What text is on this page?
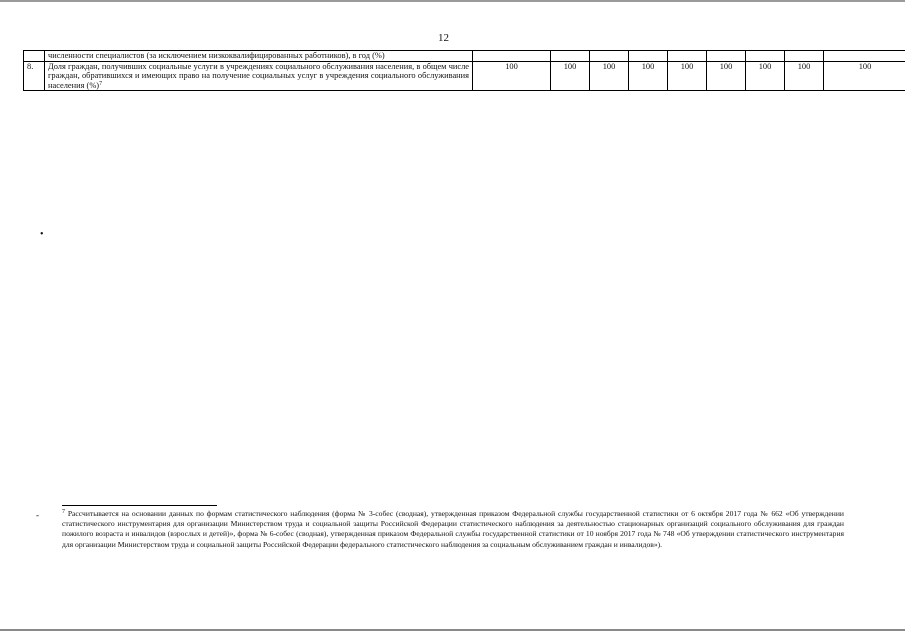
12
	численности специалистов (за исключением низкоквалифицированных работников), в год (%)									
8.	Доля граждан, получивших социальные услуги в учреждениях социального обслуживания населения, в общем числе граждан, обратившихся и имеющих право на получение социальных услуг в учреждения социального обслуживания населения (%)$^7$	100	100	100	100	100	100	100	100	100
•
-	$^7$ Рассчитывается на основании данных по формам статистического наблюдения (форма № 3-собес (сводная), утвержденная приказом Федеральной службы государственной статистики от 6 октября 2017 года № 662 «Об утверждении статистического инструментария для организации Министерством труда и социальной защиты Российской Федерации статистического наблюдения за деятельностью стационарных организаций социального обслуживания для граждан пожилого возраста и инвалидов (взрослых и детей)», форма № 6-собес (сводная), утвержденная приказом Федеральной службы государственной статистики от 10 ноября 2017 года № 748 «Об утверждении статистического инструментария для организации Министерством труда и социальной защиты Российской Федерации федерального статистического наблюдения за социальным обслуживанием граждан и инвалидов»).
